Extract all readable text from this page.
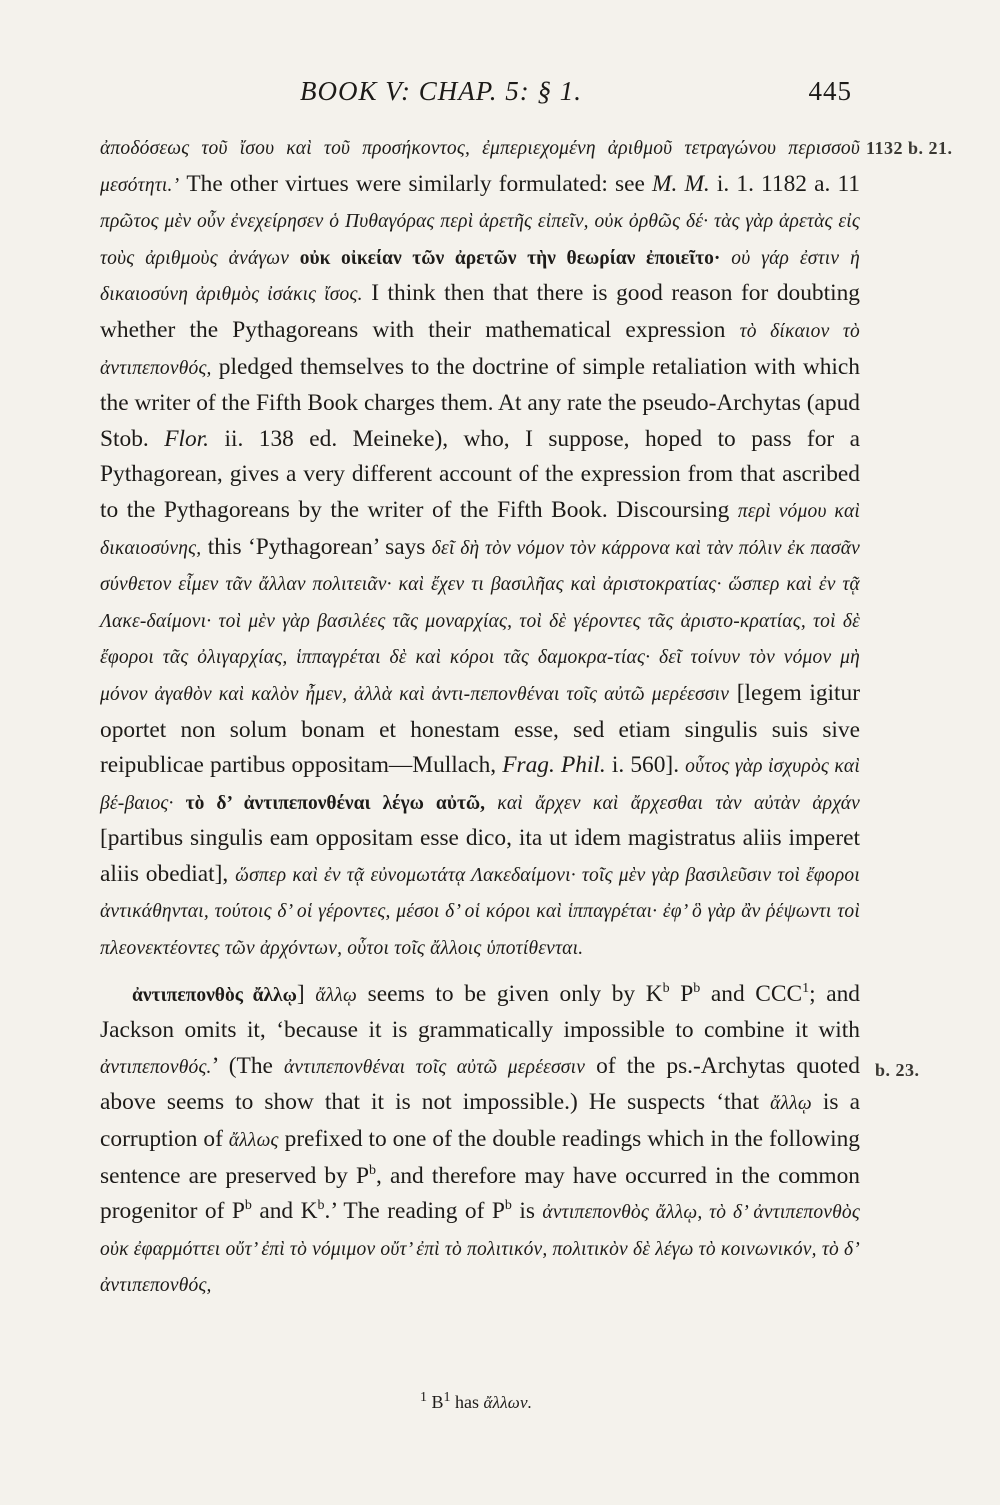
BOOK V: CHAP. 5: § 1.	445
1132 b. 21.
b. 23.

ἀποδόσεως τοῦ ἴσου καὶ τοῦ προσήκοντος, ἐμπεριεχομένη ἀριθμοῦ τετραγώνου περισσοῦ μεσότητι.’ The other virtues were similarly formulated: see M. M. i. 1. 1182 a. 11 πρῶτος μὲν οὖν ἐνεχείρησεν ὁ Πυθαγόρας περὶ ἀρετῆς εἰπεῖν, οὐκ ὀρθῶς δέ· τὰς γὰρ ἀρετὰς εἰς τοὺς ἀριθμοὺς ἀνάγων οὐκ οἰκείαν τῶν ἀρετῶν τὴν θεωρίαν ἐποιεῖτο· οὐ γάρ ἐστιν ἡ δικαιοσύνη ἀριθμὸς ἰσάκις ἴσος. I think then that there is good reason for doubting whether the Pythagoreans with their mathematical expression τὸ δίκαιον τὸ ἀντιπεπονθός, pledged themselves to the doctrine of simple retaliation with which the writer of the Fifth Book charges them. At any rate the pseudo-Archytas (apud Stob. Flor. ii. 138 ed. Meineke), who, I suppose, hoped to pass for a Pythagorean, gives a very different account of the expression from that ascribed to the Pythagoreans by the writer of the Fifth Book. Discoursing περὶ νόμου καὶ δικαιοσύνης, this ‘Pythagorean’ says δεῖ δὴ τὸν νόμον τὸν κάρρονα καὶ τὰν πόλιν ἐκ πασᾶν σύνθετον εἶμεν τᾶν ἄλλαν πολιτειᾶν· καὶ ἔχεν τι βασιλῆας καὶ ἀριστοκρατίας· ὥσπερ καὶ ἐν τᾷ Λακε-δαίμονι· τοὶ μὲν γὰρ βασιλέες τᾶς μοναρχίας, τοὶ δὲ γέροντες τᾶς ἀριστο-κρατίας, τοὶ δὲ ἔφοροι τᾶς ὀλιγαρχίας, ἱππαγρέται δὲ καὶ κόροι τᾶς δαμοκρα-τίας· δεῖ τοίνυν τὸν νόμον μὴ μόνον ἀγαθὸν καὶ καλὸν ἦμεν, ἀλλὰ καὶ ἀντι-πεπονθέναι τοῖς αὐτῶ μερέεσσιν [legem igitur oportet non solum bonam et honestam esse, sed etiam singulis suis sive reipublicae partibus oppositam—Mullach, Frag. Phil. i. 560]. οὗτος γὰρ ἰσχυρὸς καὶ βέ-βαιος· τὸ δ’ ἀντιπεπονθέναι λέγω αὐτῶ, καὶ ἄρχεν καὶ ἄρχεσθαι τὰν αὐτὰν ἀρχάν [partibus singulis eam oppositam esse dico, ita ut idem magistratus aliis imperet aliis obediat], ὥσπερ καὶ ἐν τᾷ εὐνομωτάτᾳ Λακεδαίμονι· τοῖς μὲν γὰρ βασιλεῦσιν τοὶ ἔφοροι ἀντικάθηνται, τούτοις δ’ οἱ γέροντες, μέσοι δ’ οἱ κόροι καὶ ἱππαγρέται· ἐφ’ ὃ γὰρ ἂν ῥέψωντι τοὶ πλεονεκτέοντες τῶν ἀρχόντων, οὗτοι τοῖς ἄλλοις ὑποτίθενται.

ἀντιπεπονθὸς ἄλλῳ] ἄλλῳ seems to be given only by $K^b$ $P^b$ and CCC$^1$; and Jackson omits it, ‘because it is grammatically impossible to combine it with ἀντιπεπονθός.’ (The ἀντιπεπονθέναι τοῖς αὐτῶ μερέεσσιν of the ps.-Archytas quoted above seems to show that it is not impossible.) He suspects ‘that ἄλλῳ is a corruption of ἄλλως prefixed to one of the double readings which in the following sentence are preserved by $P^b$, and therefore may have occurred in the common progenitor of $P^b$ and $K^b$.’ The reading of $P^b$ is ἀντιπεπονθὸς ἄλλῳ, τὸ δ’ ἀντιπεπονθὸς οὐκ ἐφαρμόττει οὔτ’ ἐπὶ τὸ νόμιμον οὔτ’ ἐπὶ τὸ πολιτικόν, πολιτικὸν δὲ λέγω τὸ κοινωνικόν, τὸ δ’ ἀντιπεπονθός,

$^1$ $B^1$ has ἄλλων.
